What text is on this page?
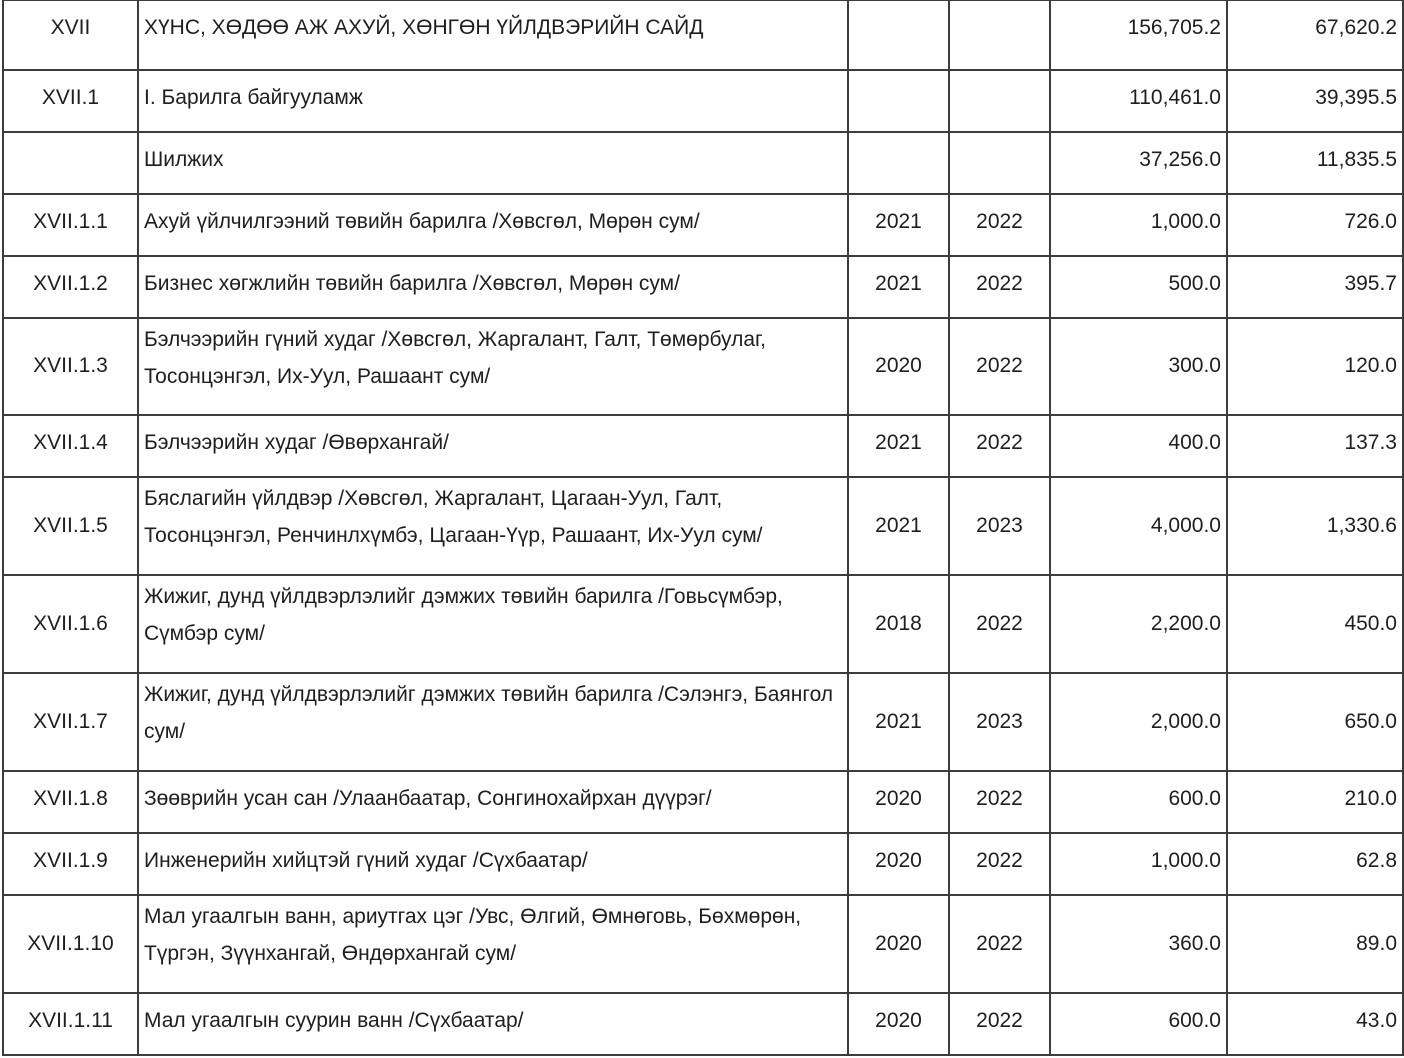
XVII	ХҮНС, ХӨДӨӨ АЖ АХУЙ, ХӨНГӨН ҮЙЛДВЭРИЙН САЙД			156,705.2	67,620.2
XVII.1	I. Барилга байгууламж			110,461.0	39,395.5
	Шилжих			37,256.0	11,835.5
XVII.1.1	Ахуй үйлчилгээний төвийн барилга /Хөвсгөл, Мөрөн сум/	2021	2022	1,000.0	726.0
XVII.1.2	Бизнес хөгжлийн төвийн барилга /Хөвсгөл, Мөрөн сум/	2021	2022	500.0	395.7
XVII.1.3	Бэлчээрийн гүний худаг /Хөвсгөл, Жаргалант, Галт, Төмөрбулаг, Тосонцэнгэл, Их-Уул, Рашаант сум/	2020	2022	300.0	120.0
XVII.1.4	Бэлчээрийн худаг /Өвөрхангай/	2021	2022	400.0	137.3
XVII.1.5	Бяслагийн үйлдвэр /Хөвсгөл, Жаргалант, Цагаан-Уул, Галт, Тосонцэнгэл, Ренчинлхүмбэ, Цагаан-Үүр, Рашаант, Их-Уул сум/	2021	2023	4,000.0	1,330.6
XVII.1.6	Жижиг, дунд үйлдвэрлэлийг дэмжих төвийн барилга /Говьсүмбэр, Сүмбэр сум/	2018	2022	2,200.0	450.0
XVII.1.7	Жижиг, дунд үйлдвэрлэлийг дэмжих төвийн барилга /Сэлэнгэ, Баянгол сум/	2021	2023	2,000.0	650.0
XVII.1.8	Зөөврийн усан сан /Улаанбаатар, Сонгинохайрхан дүүрэг/	2020	2022	600.0	210.0
XVII.1.9	Инженерийн хийцтэй гүний худаг /Сүхбаатар/	2020	2022	1,000.0	62.8
XVII.1.10	Мал угаалгын ванн, ариутгах цэг /Увс, Өлгий, Өмнөговь, Бөхмөрөн, Түргэн, Зүүнхангай, Өндөрхангай сум/	2020	2022	360.0	89.0
XVII.1.11	Мал угаалгын суурин ванн /Сүхбаатар/	2020	2022	600.0	43.0
